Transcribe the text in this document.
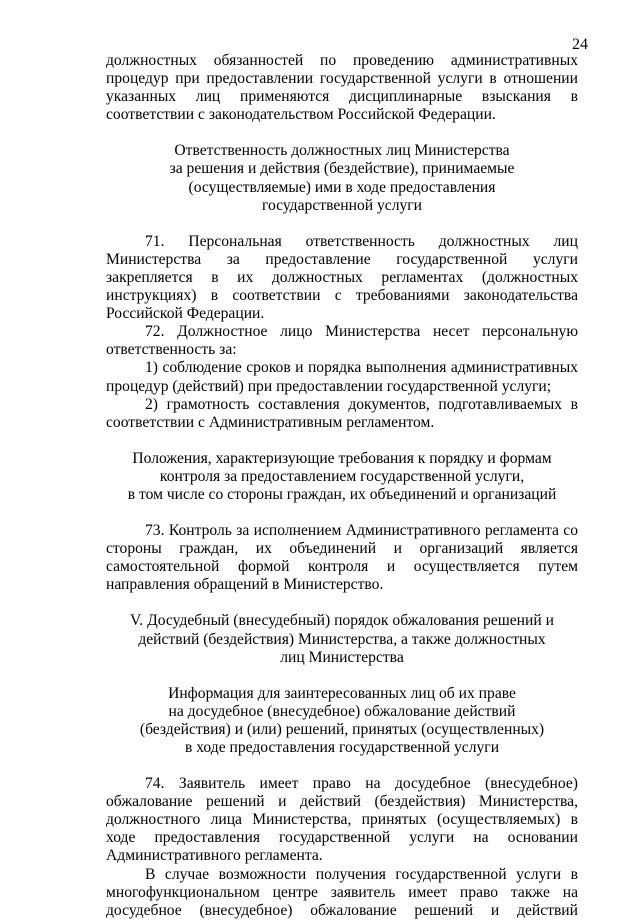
24

должностных обязанностей по проведению административных процедур при предоставлении государственной услуги в отношении указанных лиц применяются дисциплинарные взыскания в соответствии с законодательством Российской Федерации.

Ответственность должностных лиц Министерства
за решения и действия (бездействие), принимаемые
(осуществляемые) ими в ходе предоставления
государственной услуги

71. Персональная ответственность должностных лиц Министерства за предоставление государственной услуги закрепляется в их должностных регламентах (должностных инструкциях) в соответствии с требованиями законодательства Российской Федерации.

72. Должностное лицо Министерства несет персональную ответственность за:

1) соблюдение сроков и порядка выполнения административных процедур (действий) при предоставлении государственной услуги;

2) грамотность составления документов, подготавливаемых в соответствии с Административным регламентом.

Положения, характеризующие требования к порядку и формам
контроля за предоставлением государственной услуги,
в том числе со стороны граждан, их объединений и организаций

73. Контроль за исполнением Административного регламента со стороны граждан, их объединений и организаций является самостоятельной формой контроля и осуществляется путем направления обращений в Министерство.

V. Досудебный (внесудебный) порядок обжалования решений и
действий (бездействия) Министерства, а также должностных
лиц Министерства
Информация для заинтересованных лиц об их праве
на досудебное (внесудебное) обжалование действий
(бездействия) и (или) решений, принятых (осуществленных)
в ходе предоставления государственной услуги

74. Заявитель имеет право на досудебное (внесудебное) обжалование решений и действий (бездействия) Министерства, должностного лица Министерства, принятых (осуществляемых) в ходе предоставления государственной услуги на основании Административного регламента.

В случае возможности получения государственной услуги в многофункциональном центре заявитель имеет право также на досудебное (внесудебное) обжалование решений и действий
